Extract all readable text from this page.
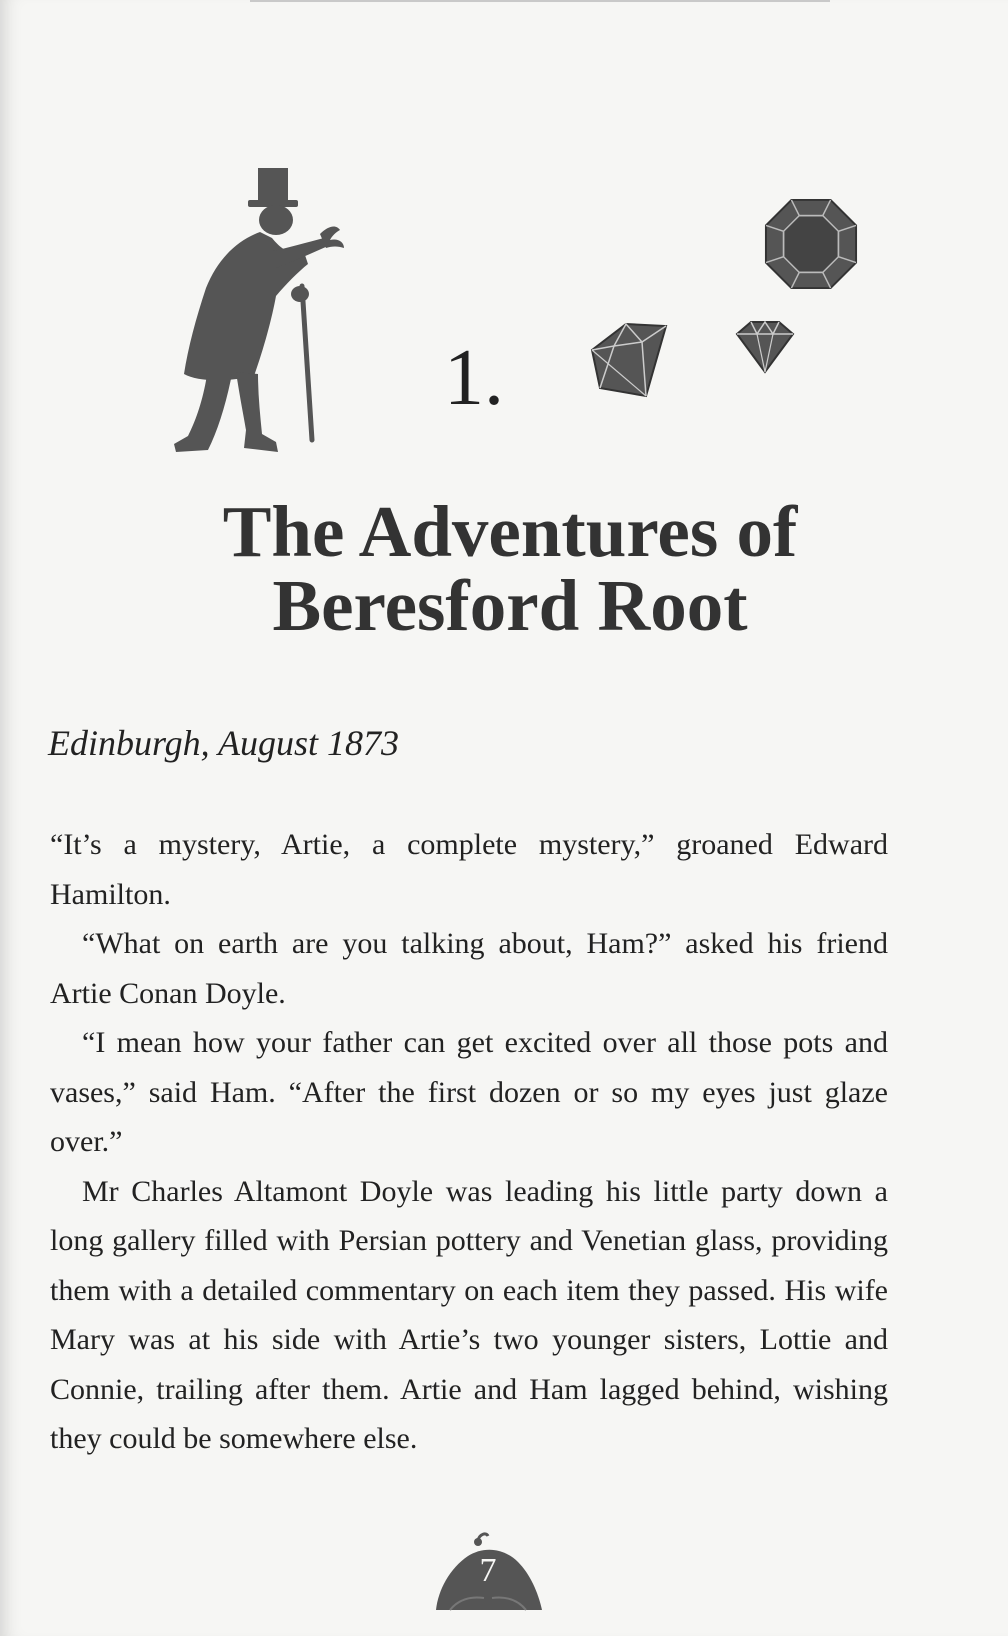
1.
The Adventures of
Beresford Root
Edinburgh, August 1873

“It’s a mystery, Artie, a complete mystery,” groaned Edward Hamilton.

“What on earth are you talking about, Ham?” asked his friend Artie Conan Doyle.

“I mean how your father can get excited over all those pots and vases,” said Ham. “After the first dozen or so my eyes just glaze over.”

Mr Charles Altamont Doyle was leading his little party down a long gallery filled with Persian pottery and Venetian glass, providing them with a detailed commentary on each item they passed. His wife Mary was at his side with Artie’s two younger sisters, Lottie and Connie, trailing after them. Artie and Ham lagged behind, wishing they could be somewhere else.

7
